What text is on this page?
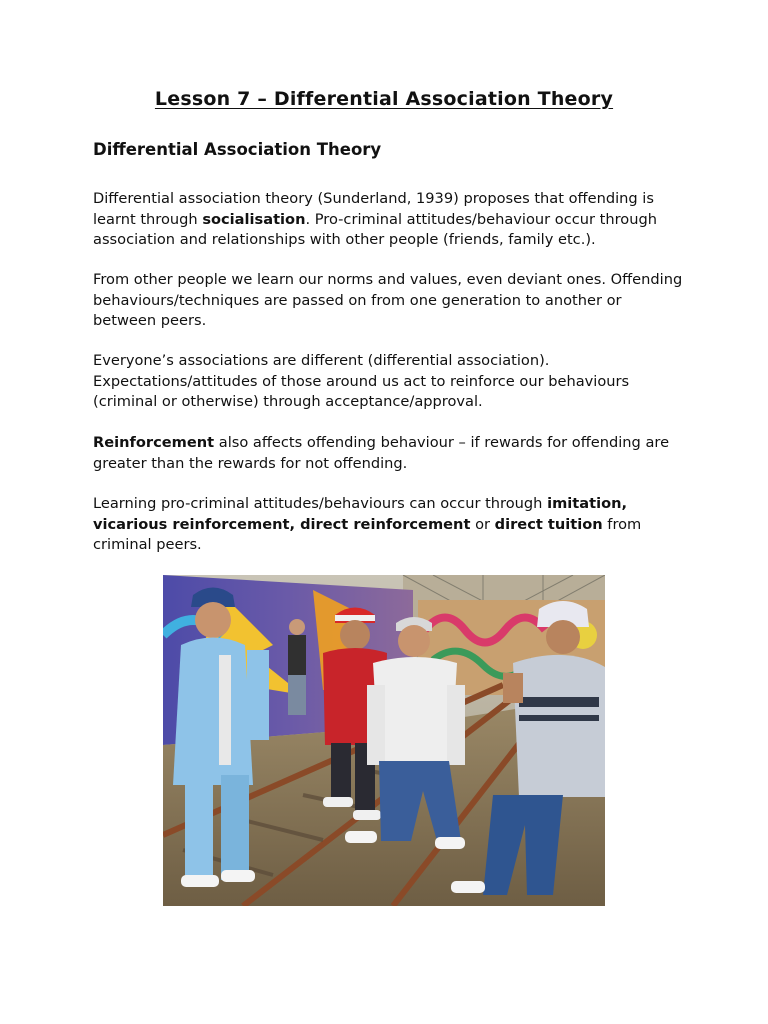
Lesson 7 – Differential Association Theory
Differential Association Theory

Differential association theory (Sunderland, 1939) proposes that offending is learnt through socialisation. Pro-criminal attitudes/behaviour occur through association and relationships with other people (friends, family etc.).

From other people we learn our norms and values, even deviant ones. Offending behaviours/techniques are passed on from one generation to another or between peers.

Everyone’s associations are different (differential association). Expectations/attitudes of those around us act to reinforce our behaviours (criminal or otherwise) through acceptance/approval.

Reinforcement also affects offending behaviour – if rewards for offending are greater than the rewards for not offending.

Learning pro-criminal attitudes/behaviours can occur through imitation, vicarious reinforcement, direct reinforcement or direct tuition from criminal peers.
